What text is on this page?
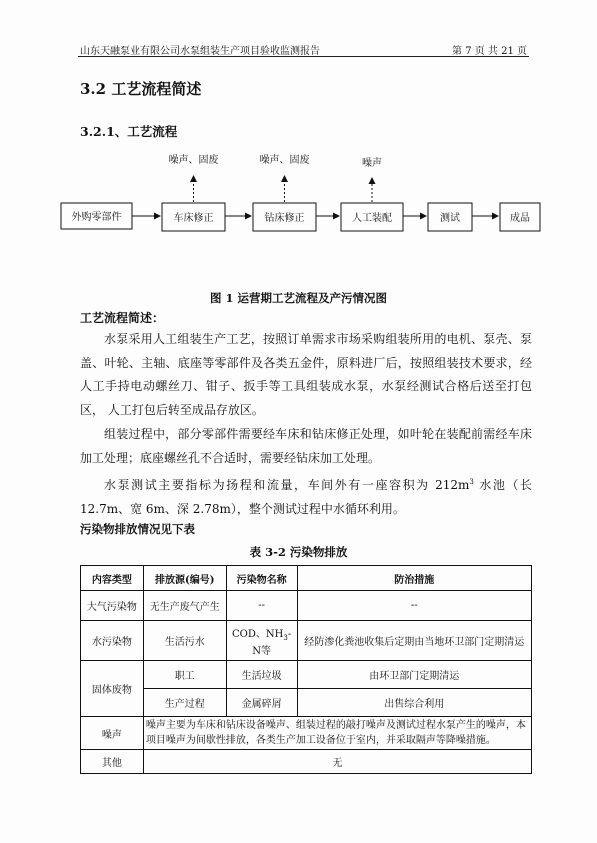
山东天融泵业有限公司水泵组装生产项目验收监测报告	第 7 页 共 21 页
3.2 工艺流程简述
3.2.1、工艺流程
外购零部件	车床修正	钻床修正	人工装配	测试	成品
噪声、固废	噪声、固废	噪声
图 1 运营期工艺流程及产污情况图
工艺流程简述：
水泵采用人工组装生产工艺，按照订单需求市场采购组装所用的电机、泵壳、泵盖、叶轮、主轴、底座等零部件及各类五金件，原料进厂后，按照组装技术要求，经人工手持电动螺丝刀、钳子、扳手等工具组装成水泵，水泵经测试合格后送至打包区， 人工打包后转至成品存放区。
组装过程中，部分零部件需要经车床和钻床修正处理，如叶轮在装配前需经车床加工处理；底座螺丝孔不合适时，需要经钻床加工处理。
水泵测试主要指标为扬程和流量，车间外有一座容积为 $212m^3$ 水池（长 12.7m、宽 6m、深 2.78m），整个测试过程中水循环利用。
污染物排放情况见下表
表 3-2 污染物排放
内容类型	排放源(编号)	污染物名称	防治措施
大气污染物	无生产废气产生	--	--
水污染物	生活污水	COD、$NH_3-N$等	经防渗化粪池收集后定期由当地环卫部门定期清运
固体废物	职工	生活垃圾	由环卫部门定期清运
	生产过程	金属碎屑	出售综合利用
噪声	噪声主要为车床和钻床设备噪声、组装过程的敲打噪声及测试过程水泵产生的噪声，本项目噪声为间歇性排放，各类生产加工设备位于室内，并采取隔声等降噪措施。		
其他	无		
